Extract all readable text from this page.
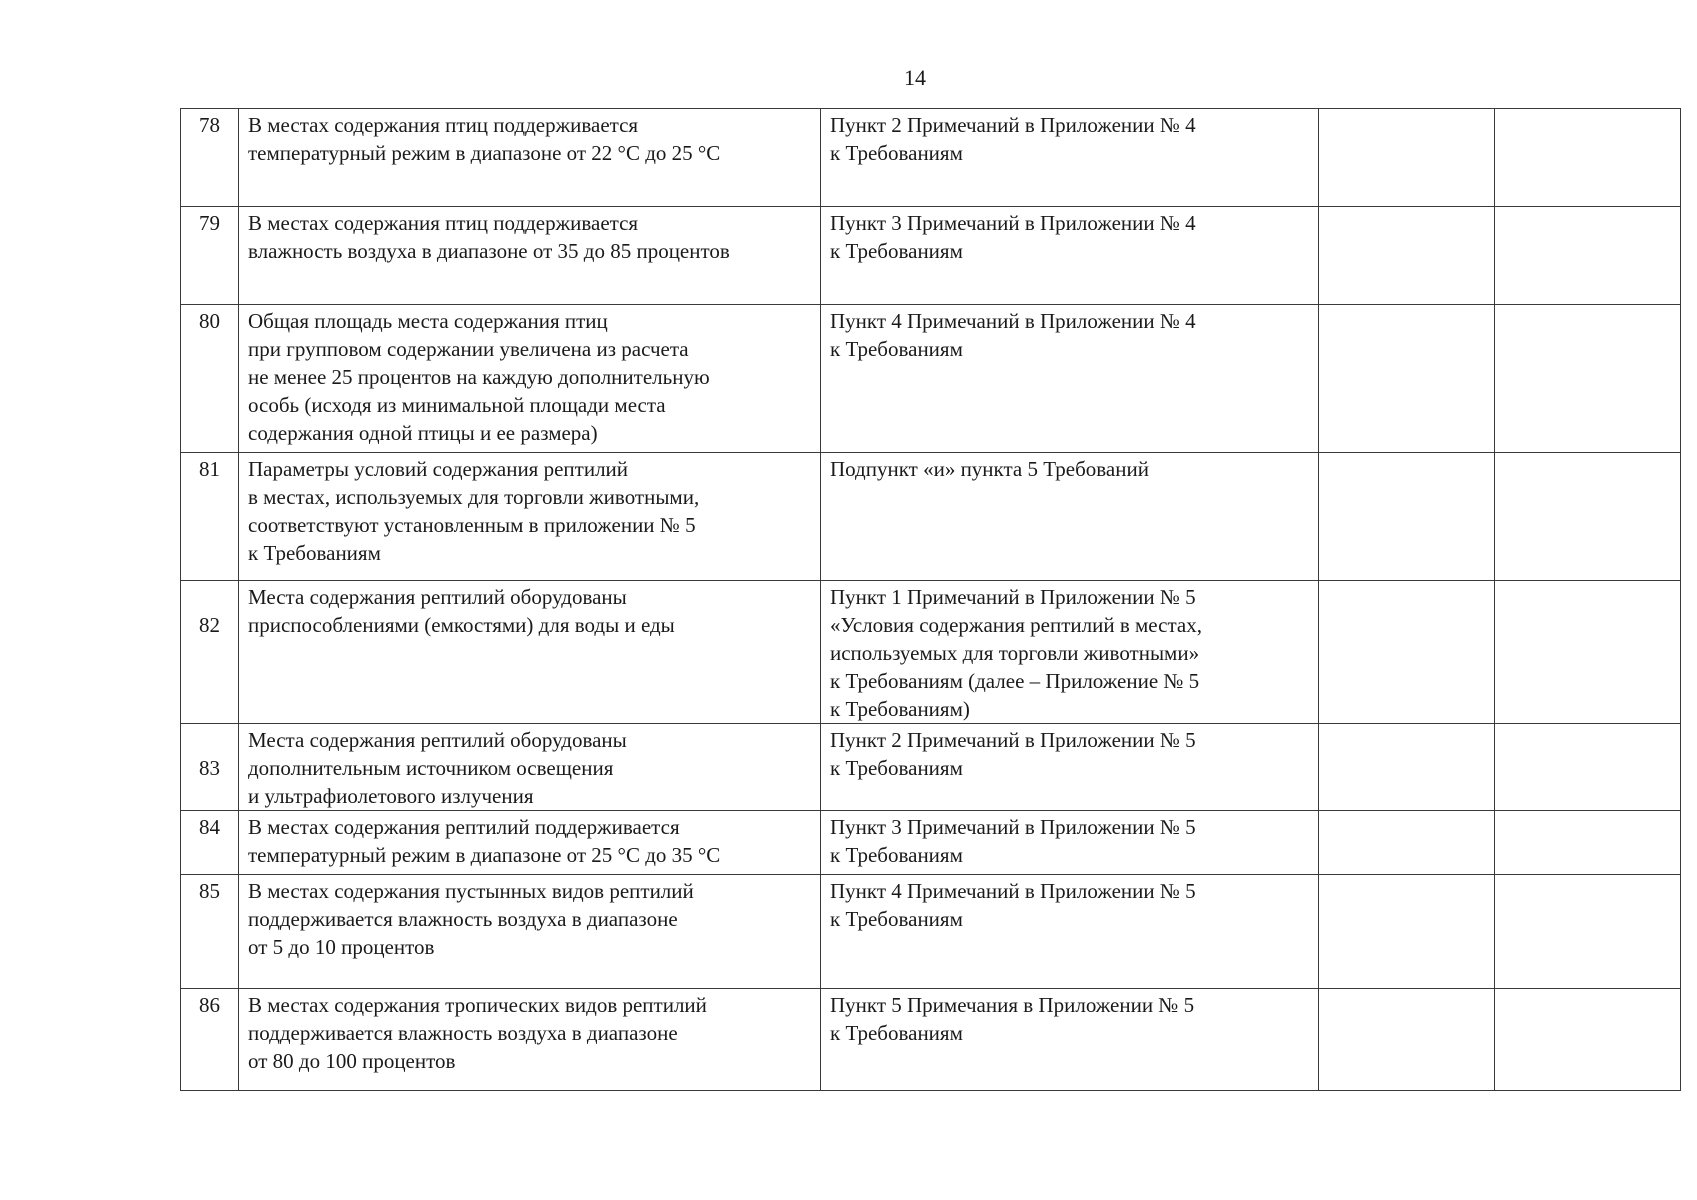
14
78	В местах содержания птиц поддерживается
температурный режим в диапазоне от 22 °С до 25 °С	Пункт 2 Примечаний в Приложении № 4
к Требованиям		
79	В местах содержания птиц поддерживается
влажность воздуха в диапазоне от 35 до 85 процентов	Пункт 3 Примечаний в Приложении № 4
к Требованиям		
80	Общая площадь места содержания птиц
при групповом содержании увеличена из расчета
не менее 25 процентов на каждую дополнительную
особь (исходя из минимальной площади места
содержания одной птицы и ее размера)	Пункт 4 Примечаний в Приложении № 4
к Требованиям		
81	Параметры условий содержания рептилий
в местах, используемых для торговли животными,
соответствуют установленным в приложении № 5
к Требованиям	Подпункт «и» пункта 5 Требований		
82	Места содержания рептилий оборудованы
приспособлениями (емкостями) для воды и еды	Пункт 1 Примечаний в Приложении № 5
«Условия содержания рептилий в местах,
используемых для торговли животными»
к Требованиям (далее – Приложение № 5
к Требованиям)		
83	Места содержания рептилий оборудованы
дополнительным источником освещения
и ультрафиолетового излучения	Пункт 2 Примечаний в Приложении № 5
к Требованиям		
84	В местах содержания рептилий поддерживается
температурный режим в диапазоне от 25 °С до 35 °С	Пункт 3 Примечаний в Приложении № 5
к Требованиям		
85	В местах содержания пустынных видов рептилий
поддерживается влажность воздуха в диапазоне
от 5 до 10 процентов	Пункт 4 Примечаний в Приложении № 5
к Требованиям		
86	В местах содержания тропических видов рептилий
поддерживается влажность воздуха в диапазоне
от 80 до 100 процентов	Пункт 5 Примечания в Приложении № 5
к Требованиям		
